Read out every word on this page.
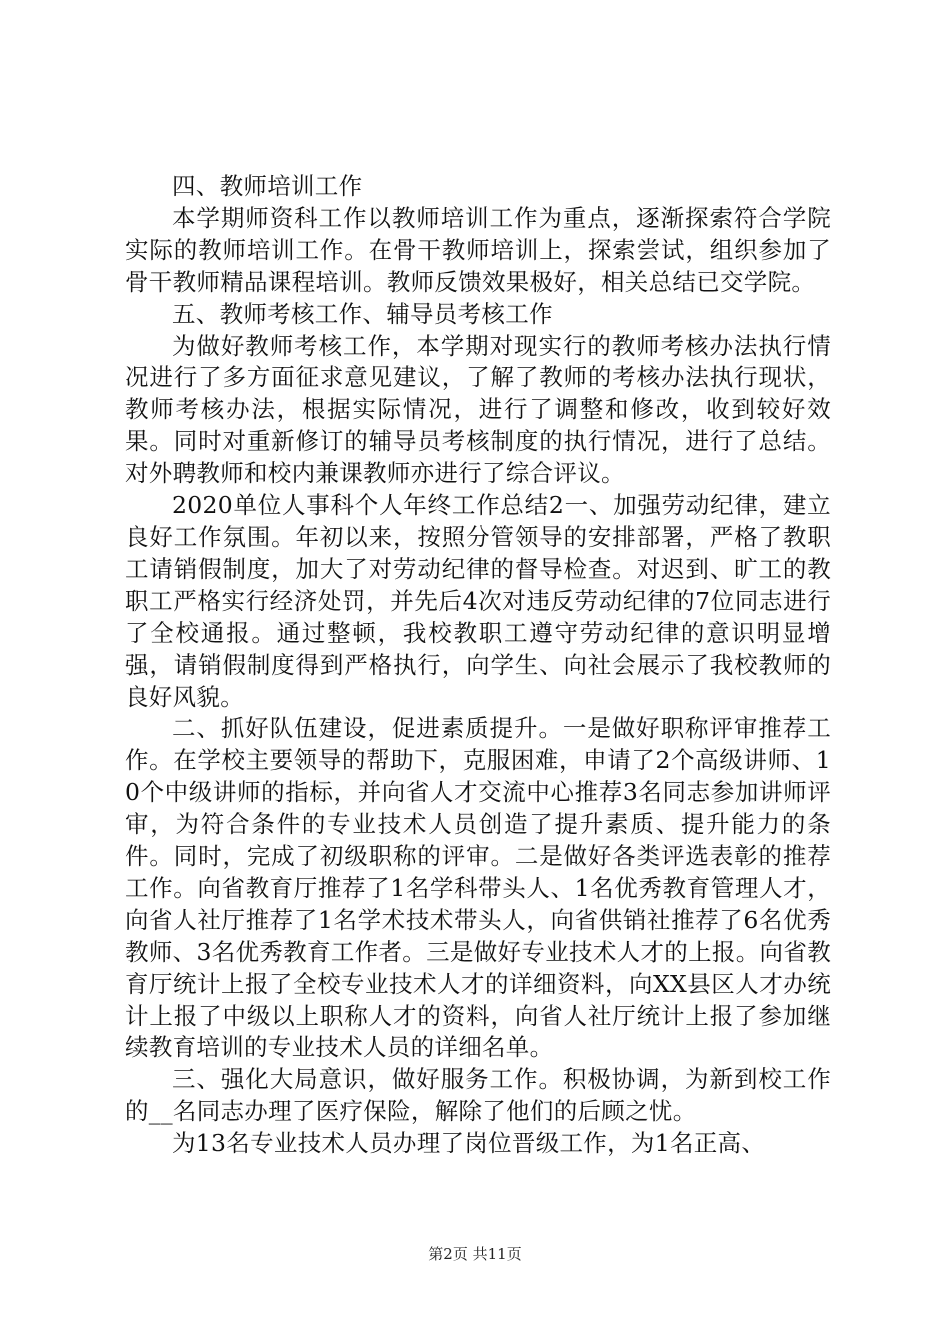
四、教师培训工作

本学期师资科工作以教师培训工作为重点，逐渐探索符合学院实际的教师培训工作。在骨干教师培训上，探索尝试，组织参加了骨干教师精品课程培训。教师反馈效果极好，相关总结已交学院。

五、教师考核工作、辅导员考核工作

为做好教师考核工作，本学期对现实行的教师考核办法执行情况进行了多方面征求意见建议，了解了教师的考核办法执行现状，教师考核办法，根据实际情况，进行了调整和修改，收到较好效果。同时对重新修订的辅导员考核制度的执行情况，进行了总结。对外聘教师和校内兼课教师亦进行了综合评议。

2020单位人事科个人年终工作总结2一、加强劳动纪律，建立良好工作氛围。年初以来，按照分管领导的安排部署，严格了教职工请销假制度，加大了对劳动纪律的督导检查。对迟到、旷工的教职工严格实行经济处罚，并先后4次对违反劳动纪律的7位同志进行了全校通报。通过整顿，我校教职工遵守劳动纪律的意识明显增强，请销假制度得到严格执行，向学生、向社会展示了我校教师的良好风貌。

二、抓好队伍建设，促进素质提升。一是做好职称评审推荐工作。在学校主要领导的帮助下，克服困难，申请了2个高级讲师、10个中级讲师的指标，并向省人才交流中心推荐3名同志参加讲师评审，为符合条件的专业技术人员创造了提升素质、提升能力的条件。同时，完成了初级职称的评审。二是做好各类评选表彰的推荐工作。向省教育厅推荐了1名学科带头人、1名优秀教育管理人才，向省人社厅推荐了1名学术技术带头人，向省供销社推荐了6名优秀教师、3名优秀教育工作者。三是做好专业技术人才的上报。向省教育厅统计上报了全校专业技术人才的详细资料，向XX县区人才办统计上报了中级以上职称人才的资料，向省人社厅统计上报了参加继续教育培训的专业技术人员的详细名单。

三、强化大局意识，做好服务工作。积极协调，为新到校工作的__名同志办理了医疗保险，解除了他们的后顾之忧。

为13名专业技术人员办理了岗位晋级工作，为1名正高、

第2页 共11页
